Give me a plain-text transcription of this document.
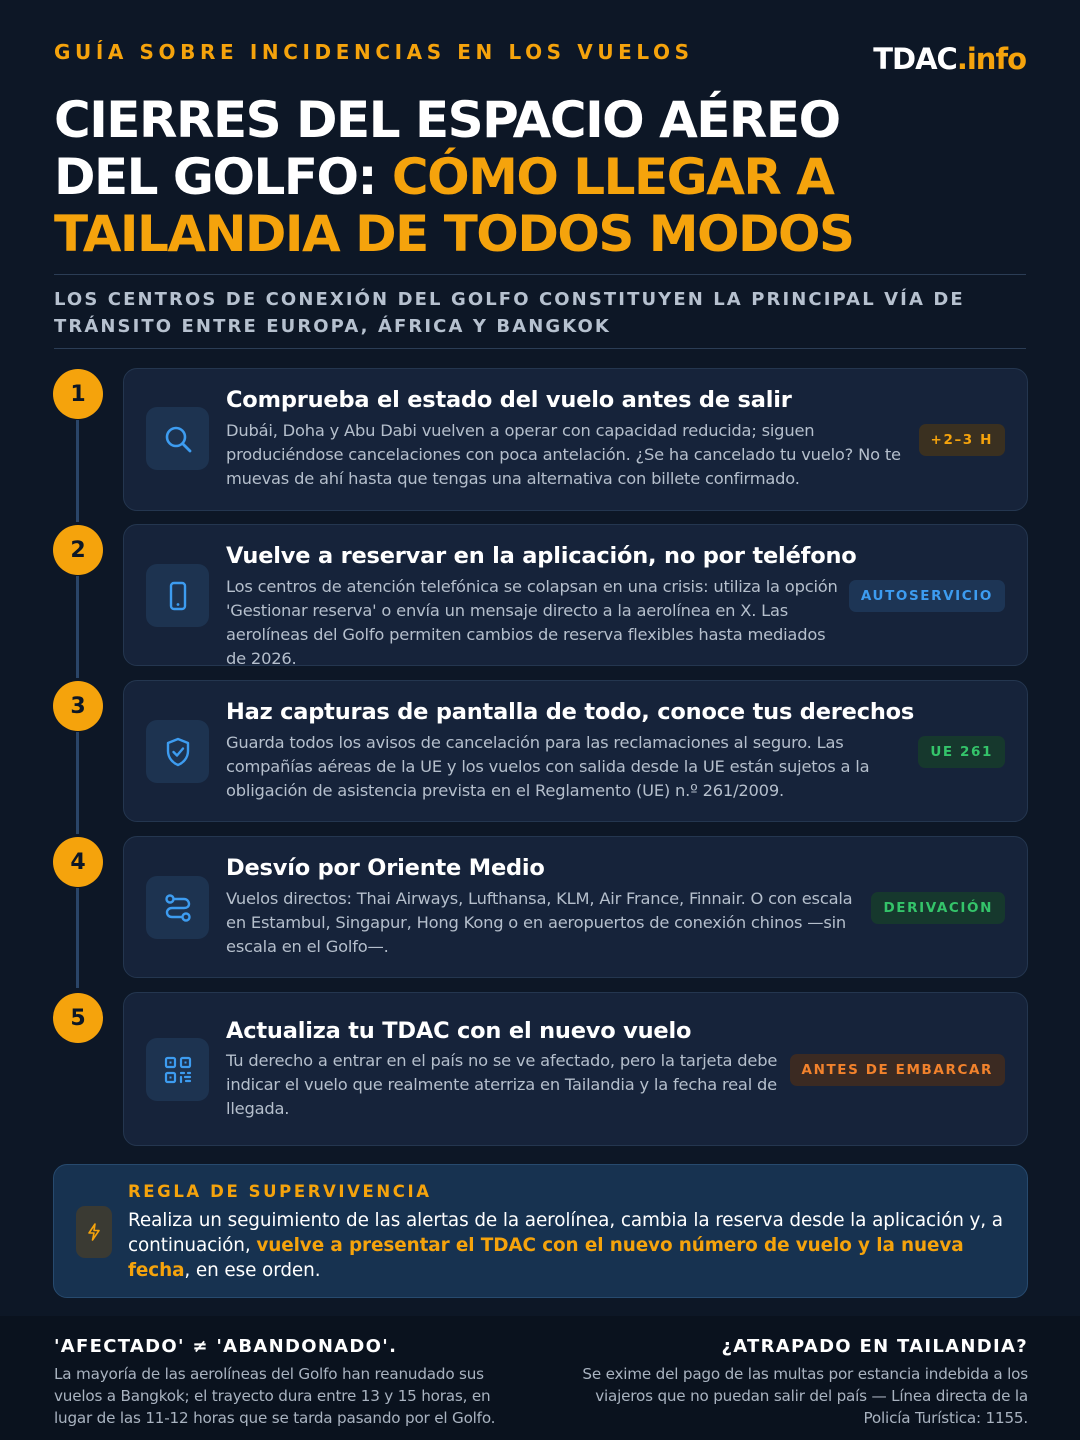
GUÍA SOBRE INCIDENCIAS EN LOS VUELOS	TDAC.info
CIERRES DEL ESPACIO AÉREO
DEL GOLFO: CÓMO LLEGAR A
TAILANDIA DE TODOS MODOS
LOS CENTROS DE CONEXIÓN DEL GOLFO CONSTITUYEN LA PRINCIPAL VÍA DE TRÁNSITO ENTRE EUROPA, ÁFRICA Y BANGKOK
1	Comprueba el estado del vuelo antes de salir
Dubái, Doha y Abu Dabi vuelven a operar con capacidad reducida; siguen
produciéndose cancelaciones con poca antelación. ¿Se ha cancelado tu vuelo? No te
muevas de ahí hasta que tengas una alternativa con billete confirmado.
+2–3 H
2	Vuelve a reservar en la aplicación, no por teléfono
Los centros de atención telefónica se colapsan en una crisis: utiliza la opción
'Gestionar reserva' o envía un mensaje directo a la aerolínea en X. Las
aerolíneas del Golfo permiten cambios de reserva flexibles hasta mediados
de 2026.
AUTOSERVICIO
3	Haz capturas de pantalla de todo, conoce tus derechos
Guarda todos los avisos de cancelación para las reclamaciones al seguro. Las
compañías aéreas de la UE y los vuelos con salida desde la UE están sujetos a la
obligación de asistencia prevista en el Reglamento (UE) n.º 261/2009.
UE 261
4	Desvío por Oriente Medio
Vuelos directos: Thai Airways, Lufthansa, KLM, Air France, Finnair. O con escala
en Estambul, Singapur, Hong Kong o en aeropuertos de conexión chinos —sin
escala en el Golfo—.
DERIVACIÓN
5	Actualiza tu TDAC con el nuevo vuelo
Tu derecho a entrar en el país no se ve afectado, pero la tarjeta debe
indicar el vuelo que realmente aterriza en Tailandia y la fecha real de
llegada.
ANTES DE EMBARCAR
REGLA DE SUPERVIVENCIA
Realiza un seguimiento de las alertas de la aerolínea, cambia la reserva desde la aplicación y, a continuación, vuelve a presentar el TDAC con el nuevo número de vuelo y la nueva fecha, en ese orden.
'AFECTADO' ≠ 'ABANDONADO'.
La mayoría de las aerolíneas del Golfo han reanudado sus
vuelos a Bangkok; el trayecto dura entre 13 y 15 horas, en
lugar de las 11-12 horas que se tarda pasando por el Golfo.
¿ATRAPADO EN TAILANDIA?
Se exime del pago de las multas por estancia indebida a los
viajeros que no puedan salir del país — Línea directa de la
Policía Turística: 1155.
